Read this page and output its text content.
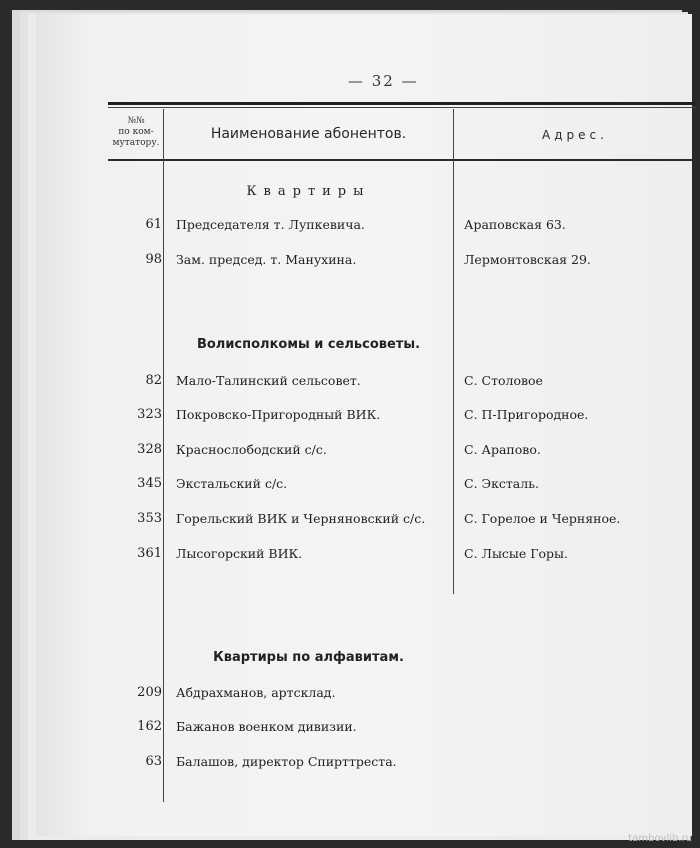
— 32 —
№№
по ком-
мутатору.
Наименование абонентов.	Адрес.
Квартиры
61 Председателя т. Лупкевича.	Араповская 63.
98 Зам. председ. т. Манухина.	Лермонтовская 29.
Волисполкомы и сельсоветы.
82 Мало-Талинский сельсовет.	С. Столовое
323 Покровско-Пригородный ВИК.	С. П-Пригородное.
328 Краснослободский с/с.	С. Арапово.
345 Экстальский с/с.	С. Эксталь.
353 Горельский ВИК и Черняновский с/с.	С. Горелое и Черняное.
361 Лысогорский ВИК.	С. Лысые Горы.
Квартиры по алфавитам.
209 Абдрахманов, артсклад.
162 Бажанов военком дивизии.
63 Балашов, директор Спирттреста.
tambovlib.ru
